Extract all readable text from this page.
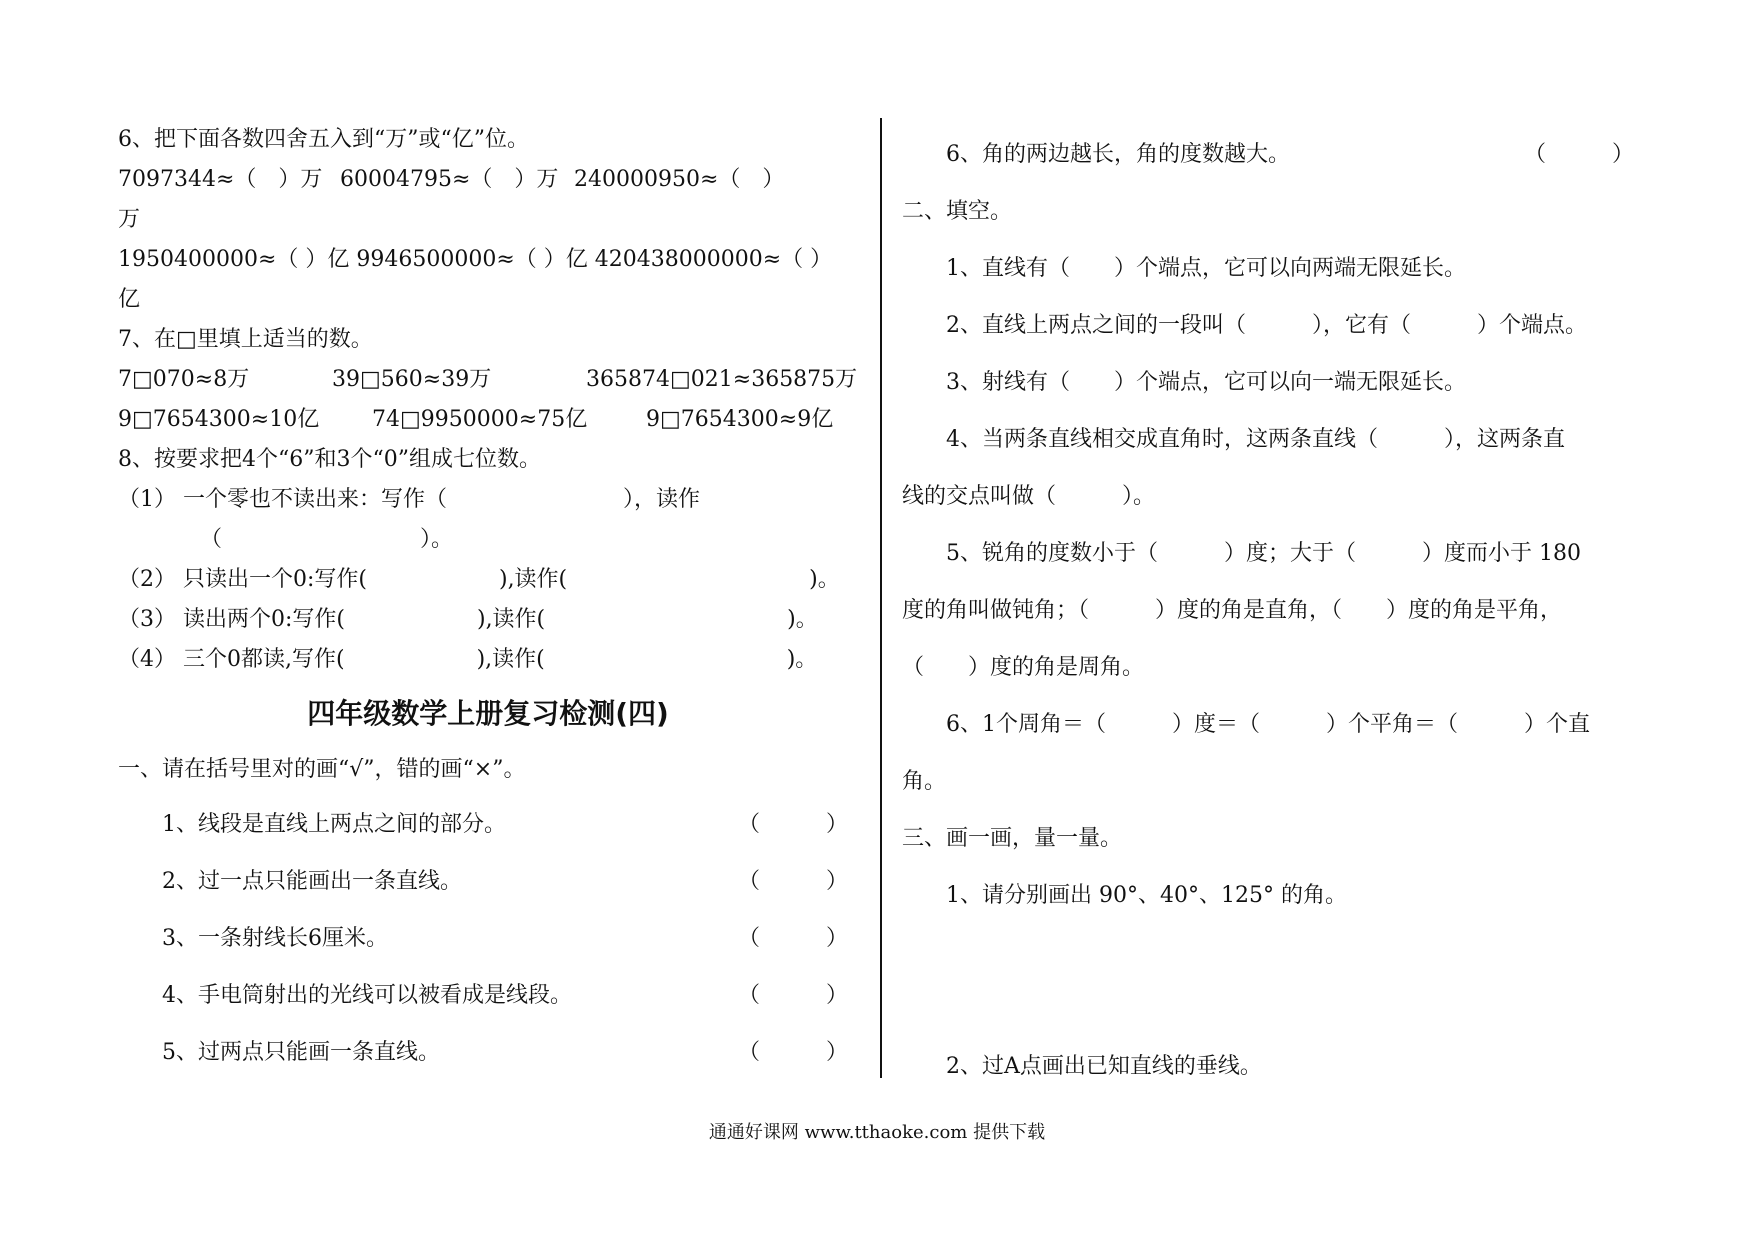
6、把下面各数四舍五入到“万”或“亿”位。
7097344≈（　）万 60004795≈（　）万 240000950≈（　）
万
1950400000≈（ ）亿 9946500000≈（ ）亿 420438000000≈（ ）
亿
7、在□里填上适当的数。
7□070≈8万	39□560≈39万	365874□021≈365875万
9□7654300≈10亿	74□9950000≈75亿	9□7654300≈9亿
8、按要求把4个“6”和3个“0”组成七位数。
（1） 一个零也不读出来：写作（　　　　　　　　），读作
（　　　　　　　　　）。
（2） 只读出一个0:写作(　　　　　　),读作(　　　　　　　　　　　)。
（3） 读出两个0:写作(　　　　　　),读作(　　　　　　　　　　　)。
（4） 三个0都读,写作(　　　　　　),读作(　　　　　　　　　　　)。
四年级数学上册复习检测(四)
一、请在括号里对的画“√”，错的画“×”。
1、线段是直线上两点之间的部分。	（　　　）
2、过一点只能画出一条直线。	（　　　）
3、一条射线长6厘米。	（　　　）
4、手电筒射出的光线可以被看成是线段。	（　　　）
5、过两点只能画一条直线。	（　　　）
6、角的两边越长，角的度数越大。	（　　　）
二、填空。
1、直线有（　　）个端点，它可以向两端无限延长。
2、直线上两点之间的一段叫（　　　），它有（　　　）个端点。
3、射线有（　　）个端点，它可以向一端无限延长。
4、当两条直线相交成直角时，这两条直线（　　　），这两条直
线的交点叫做（　　　）。
5、锐角的度数小于（　　　）度；大于（　　　）度而小于 180
度的角叫做钝角；（　　　）度的角是直角，（　　）度的角是平角，
（　　）度的角是周角。
6、1个周角＝（　　　）度＝（　　　）个平角＝（　　　）个直
角。
三、画一画，量一量。
1、请分别画出 90°、40°、125° 的角。
2、过A点画出已知直线的垂线。
通通好课网 www.tthaoke.com 提供下载
